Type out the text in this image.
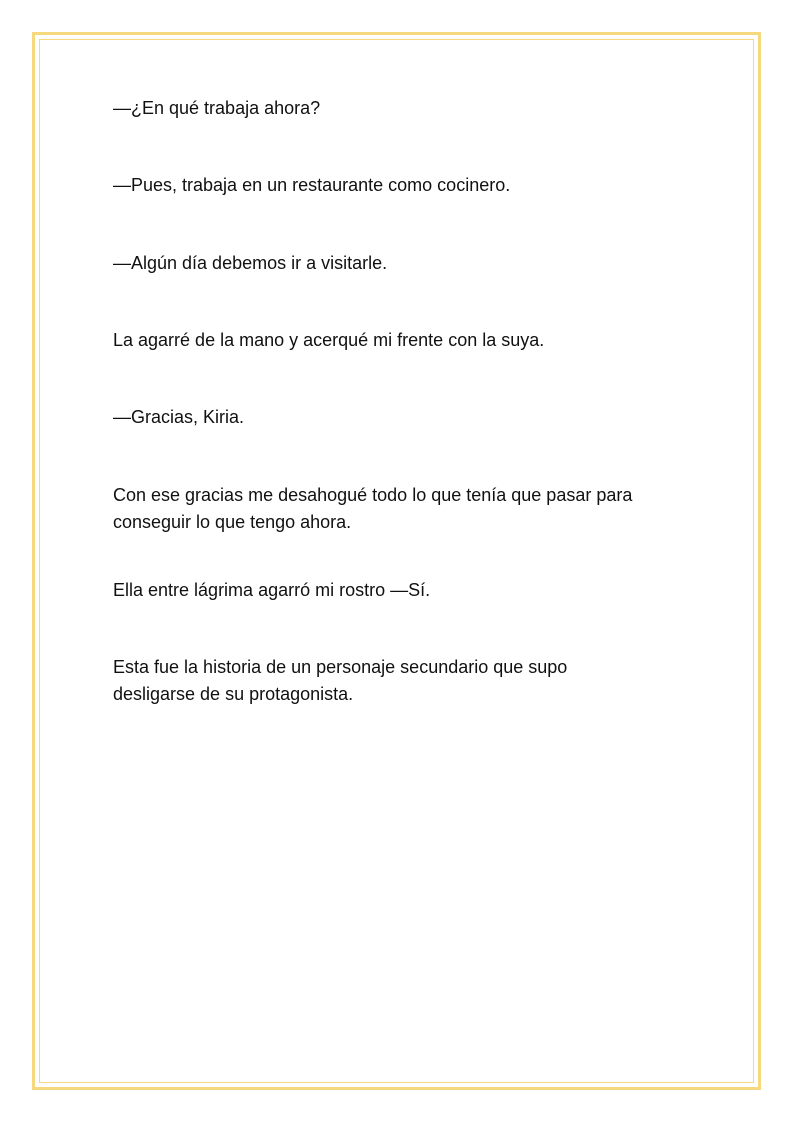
—¿En qué trabaja ahora?

—Pues, trabaja en un restaurante como cocinero.

—Algún día debemos ir a visitarle.

La agarré de la mano y acerqué mi frente con la suya.

—Gracias, Kiria.

Con ese gracias me desahogué todo lo que tenía que pasar para
conseguir lo que tengo ahora.

Ella entre lágrima agarró mi rostro —Sí.

Esta fue la historia de un personaje secundario que supo
desligarse de su protagonista.
